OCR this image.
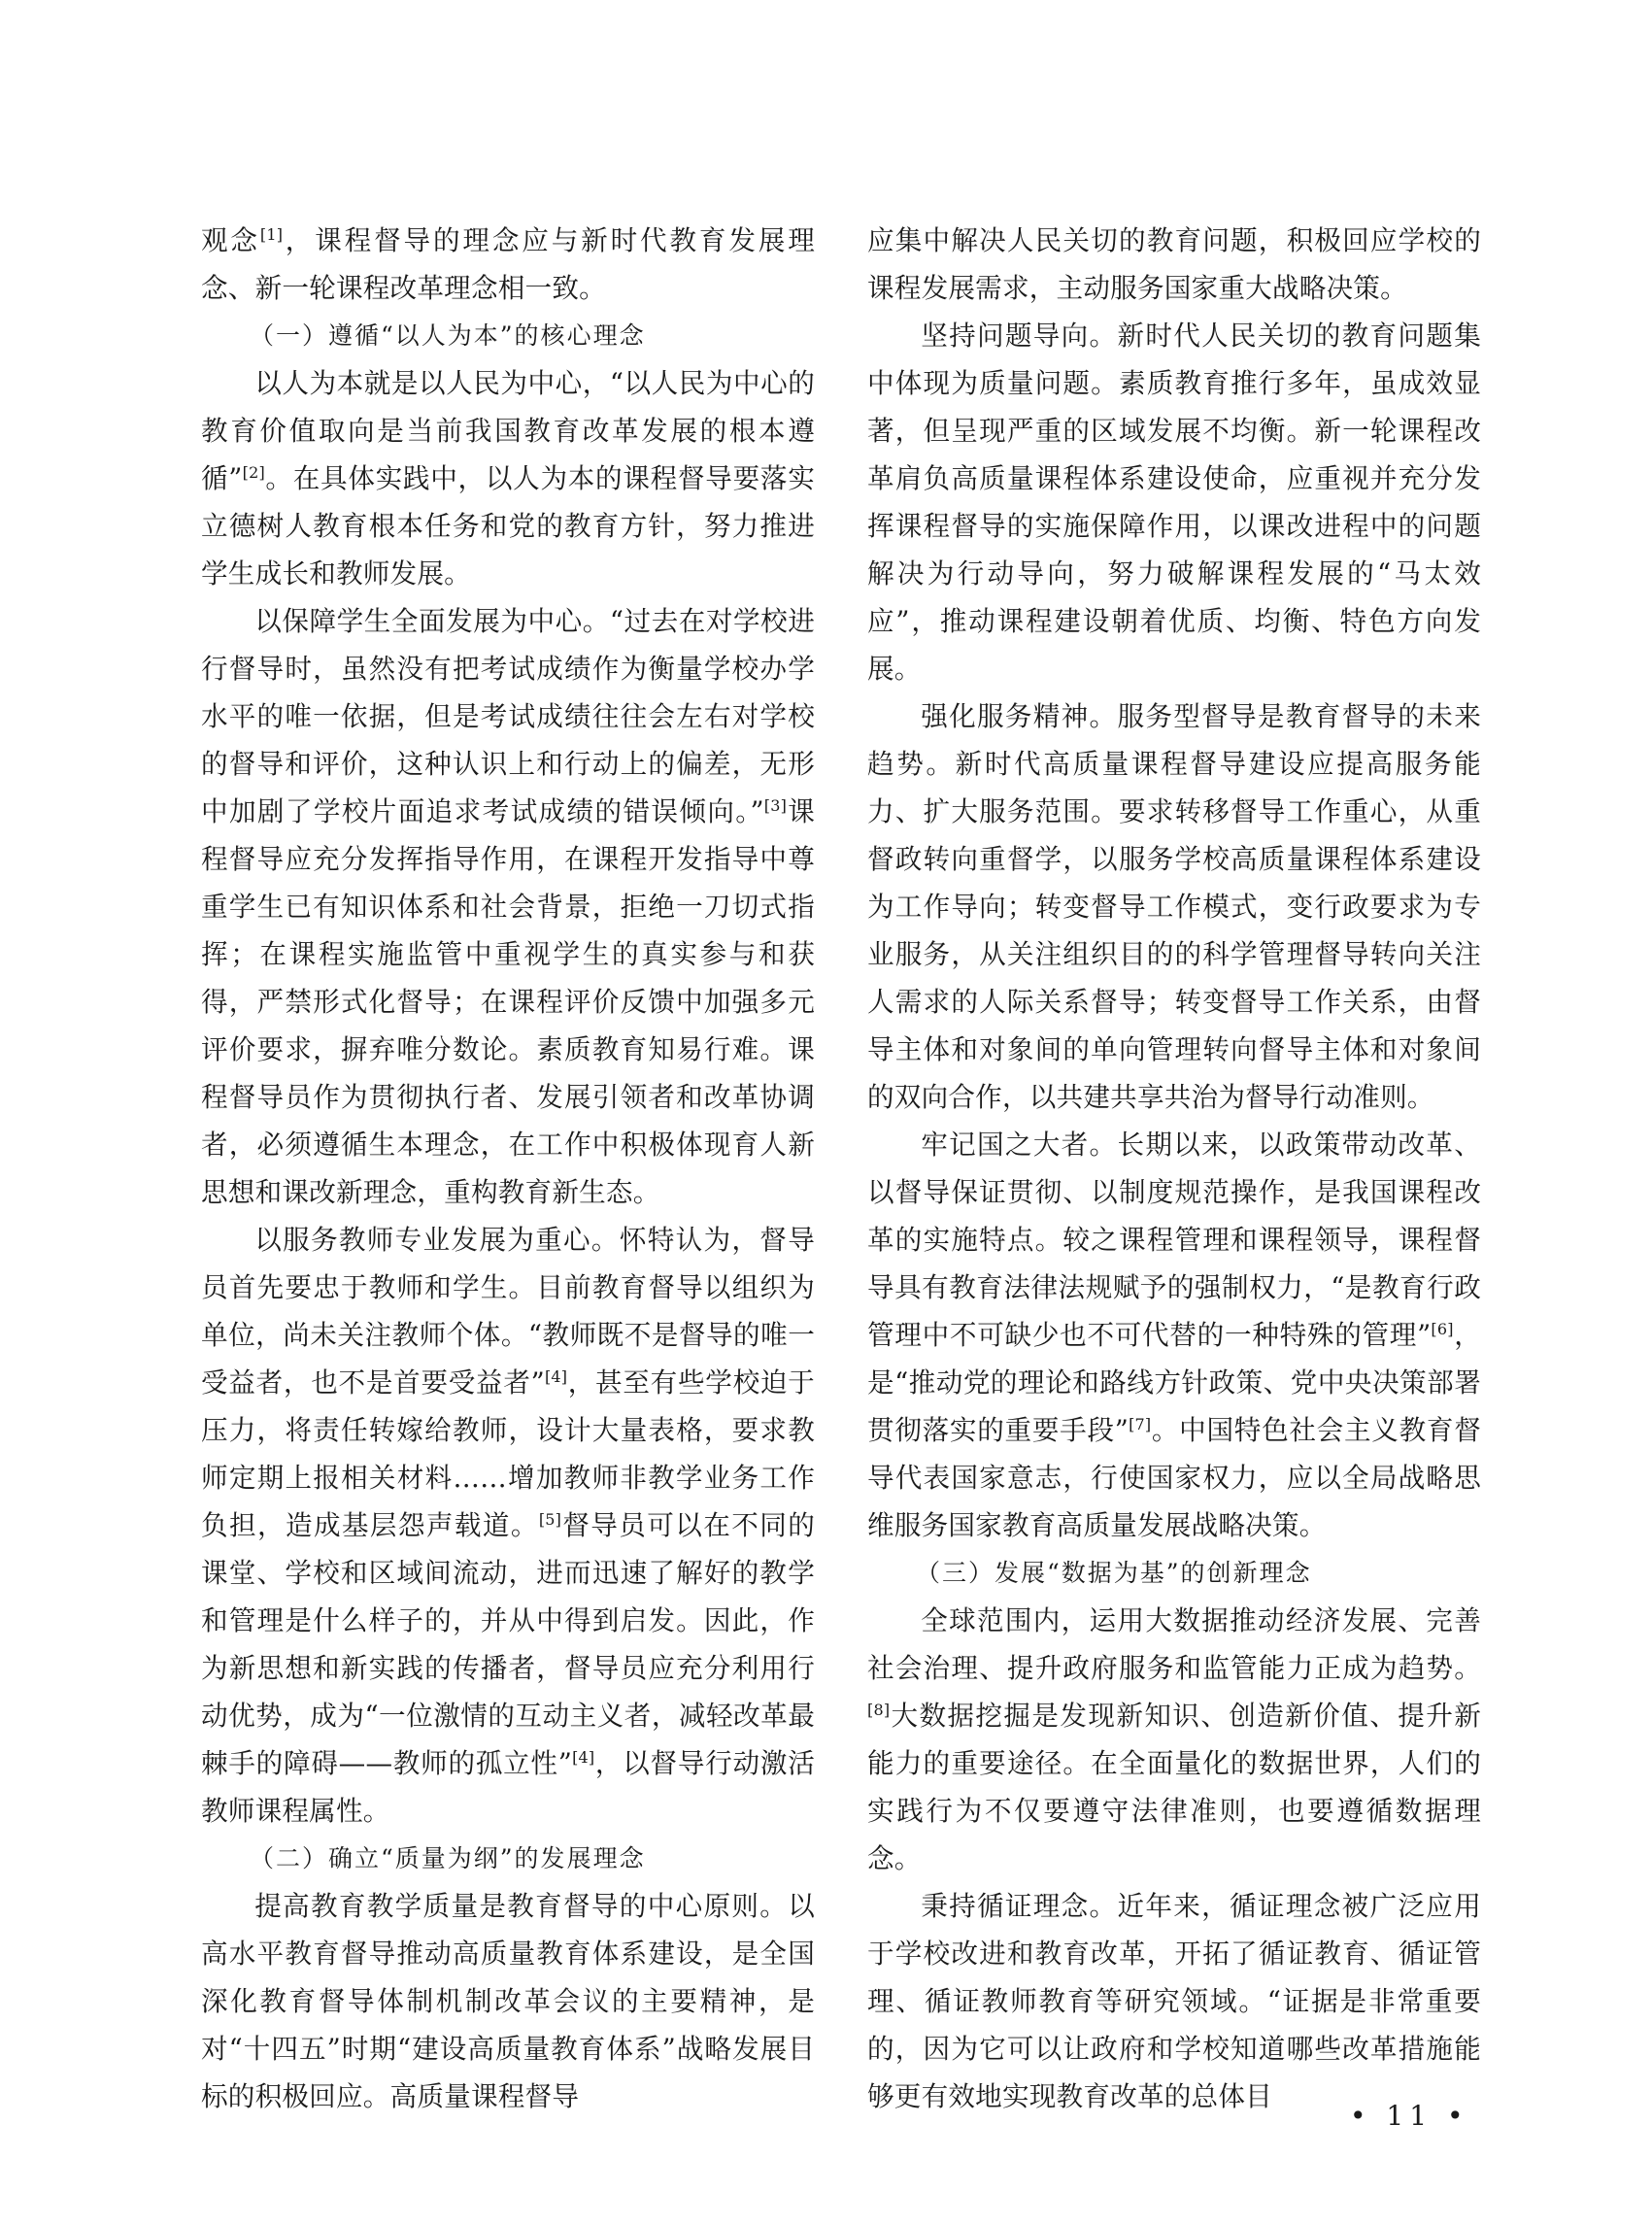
观念[1]，课程督导的理念应与新时代教育发展理念、新一轮课程改革理念相一致。

（一）遵循“以人为本”的核心理念

以人为本就是以人民为中心，“以人民为中心的教育价值取向是当前我国教育改革发展的根本遵循”[2]。在具体实践中，以人为本的课程督导要落实立德树人教育根本任务和党的教育方针，努力推进学生成长和教师发展。

以保障学生全面发展为中心。“过去在对学校进行督导时，虽然没有把考试成绩作为衡量学校办学水平的唯一依据，但是考试成绩往往会左右对学校的督导和评价，这种认识上和行动上的偏差，无形中加剧了学校片面追求考试成绩的错误倾向。”[3]课程督导应充分发挥指导作用，在课程开发指导中尊重学生已有知识体系和社会背景，拒绝一刀切式指挥；在课程实施监管中重视学生的真实参与和获得，严禁形式化督导；在课程评价反馈中加强多元评价要求，摒弃唯分数论。素质教育知易行难。课程督导员作为贯彻执行者、发展引领者和改革协调者，必须遵循生本理念，在工作中积极体现育人新思想和课改新理念，重构教育新生态。

以服务教师专业发展为重心。怀特认为，督导员首先要忠于教师和学生。目前教育督导以组织为单位，尚未关注教师个体。“教师既不是督导的唯一受益者，也不是首要受益者”[4]，甚至有些学校迫于压力，将责任转嫁给教师，设计大量表格，要求教师定期上报相关材料……增加教师非教学业务工作负担，造成基层怨声载道。[5]督导员可以在不同的课堂、学校和区域间流动，进而迅速了解好的教学和管理是什么样子的，并从中得到启发。因此，作为新思想和新实践的传播者，督导员应充分利用行动优势，成为“一位激情的互动主义者，减轻改革最棘手的障碍——教师的孤立性”[4]，以督导行动激活教师课程属性。

（二）确立“质量为纲”的发展理念

提高教育教学质量是教育督导的中心原则。以高水平教育督导推动高质量教育体系建设，是全国深化教育督导体制机制改革会议的主要精神，是对“十四五”时期“建设高质量教育体系”战略发展目标的积极回应。高质量课程督导

应集中解决人民关切的教育问题，积极回应学校的课程发展需求，主动服务国家重大战略决策。

坚持问题导向。新时代人民关切的教育问题集中体现为质量问题。素质教育推行多年，虽成效显著，但呈现严重的区域发展不均衡。新一轮课程改革肩负高质量课程体系建设使命，应重视并充分发挥课程督导的实施保障作用，以课改进程中的问题解决为行动导向，努力破解课程发展的“马太效应”，推动课程建设朝着优质、均衡、特色方向发展。

强化服务精神。服务型督导是教育督导的未来趋势。新时代高质量课程督导建设应提高服务能力、扩大服务范围。要求转移督导工作重心，从重督政转向重督学，以服务学校高质量课程体系建设为工作导向；转变督导工作模式，变行政要求为专业服务，从关注组织目的的科学管理督导转向关注人需求的人际关系督导；转变督导工作关系，由督导主体和对象间的单向管理转向督导主体和对象间的双向合作，以共建共享共治为督导行动准则。

牢记国之大者。长期以来，以政策带动改革、以督导保证贯彻、以制度规范操作，是我国课程改革的实施特点。较之课程管理和课程领导，课程督导具有教育法律法规赋予的强制权力，“是教育行政管理中不可缺少也不可代替的一种特殊的管理”[6]，是“推动党的理论和路线方针政策、党中央决策部署贯彻落实的重要手段”[7]。中国特色社会主义教育督导代表国家意志，行使国家权力，应以全局战略思维服务国家教育高质量发展战略决策。

（三）发展“数据为基”的创新理念

全球范围内，运用大数据推动经济发展、完善社会治理、提升政府服务和监管能力正成为趋势。[8]大数据挖掘是发现新知识、创造新价值、提升新能力的重要途径。在全面量化的数据世界，人们的实践行为不仅要遵守法律准则，也要遵循数据理念。

秉持循证理念。近年来，循证理念被广泛应用于学校改进和教育改革，开拓了循证教育、循证管理、循证教师教育等研究领域。“证据是非常重要的，因为它可以让政府和学校知道哪些改革措施能够更有效地实现教育改革的总体目

• 11 •
